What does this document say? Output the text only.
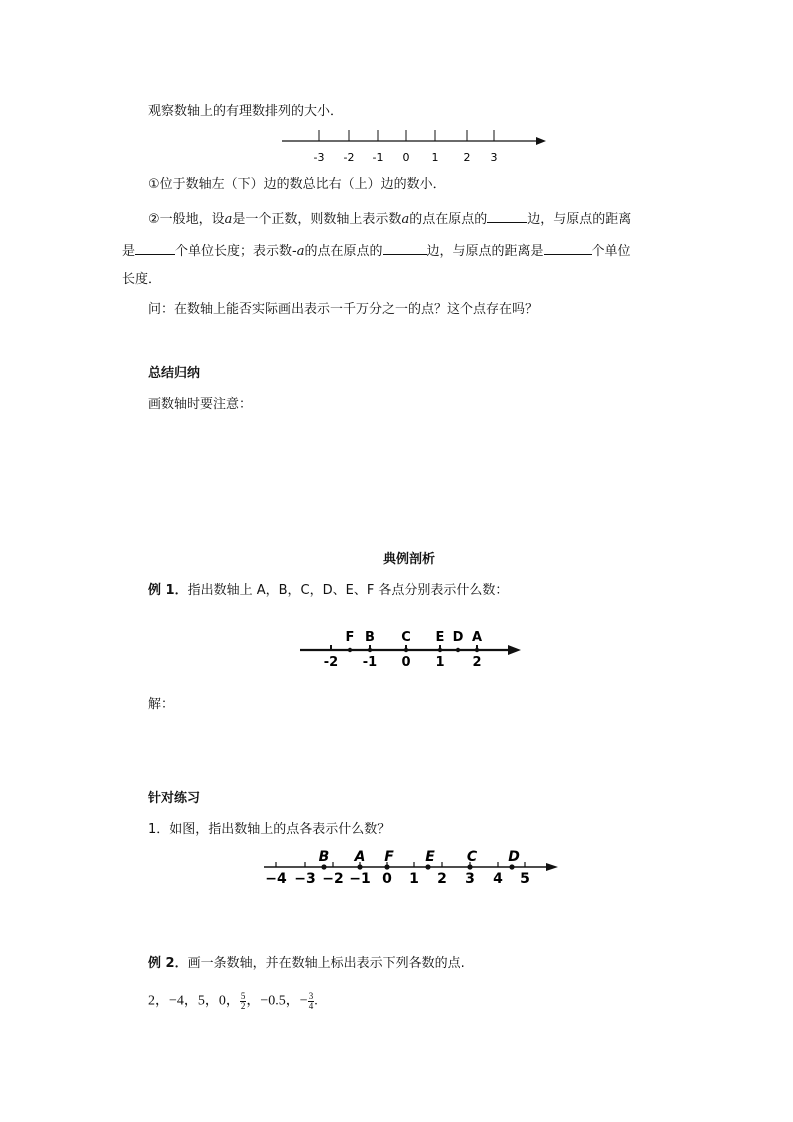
观察数轴上的有理数排列的大小．
-3 -2 -1 0 1 2 3
①位于数轴左（下）边的数总比右（上）边的数小．
②一般地，设a是一个正数，则数轴上表示数a的点在原点的	边，与原点的距离
是	个单位长度；表示数-a的点在原点的	边，与原点的距离是	个单位
长度．
问：在数轴上能否实际画出表示一千万分之一的点？这个点存在吗？
总结归纳
画数轴时要注意：
典例剖析
例 1．指出数轴上 A，B，C，D、E、F 各点分别表示什么数：
F B C E D A
-2 -1 0 1 2
解：
针对练习
1．如图，指出数轴上的点各表示什么数？
B A F E C D
−4 −3 −2 −1 0 1 2 3 4 5
例 2．画一条数轴，并在数轴上标出表示下列各数的点.
2，−4，5，0， $\frac{5}{2}$ ，−0.5，− $\frac{3}{4}$ .
